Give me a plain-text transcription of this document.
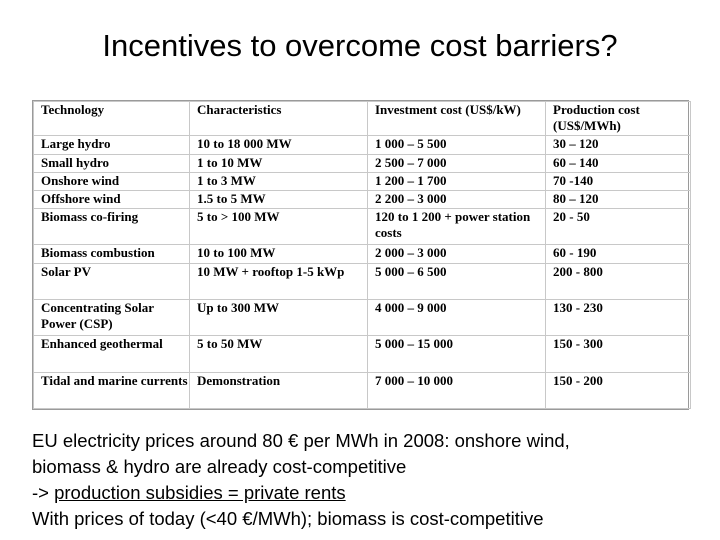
Incentives to overcome cost barriers?
Technology	Characteristics	Investment cost (US$/kW)	Production cost (US$/MWh)
Large hydro	10 to 18 000 MW	1 000 – 5 500	30 – 120
Small hydro	1 to 10 MW	2 500 – 7 000	60 – 140
Onshore wind	1 to 3 MW	1 200 – 1 700	70 -140
Offshore wind	1.5 to 5 MW	2 200 – 3 000	80 – 120
Biomass co-firing	5 to > 100 MW	120 to 1 200 + power station costs	20 - 50
Biomass combustion	10 to 100 MW	2 000 – 3 000	60 - 190
Solar PV	10 MW + rooftop 1-5 kWp	5 000 – 6 500	200 - 800
Concentrating Solar Power (CSP)	Up to 300 MW	4 000 – 9 000	130 - 230
Enhanced geothermal	5 to 50 MW	5 000 – 15 000	150 - 300
Tidal and marine currents	Demonstration	7 000 – 10 000	150 - 200

EU electricity prices around 80 € per MWh in 2008: onshore wind,

biomass & hydro are already cost-competitive

-> production subsidies = private rents

With prices of today (<40 €/MWh); biomass is cost-competitive
